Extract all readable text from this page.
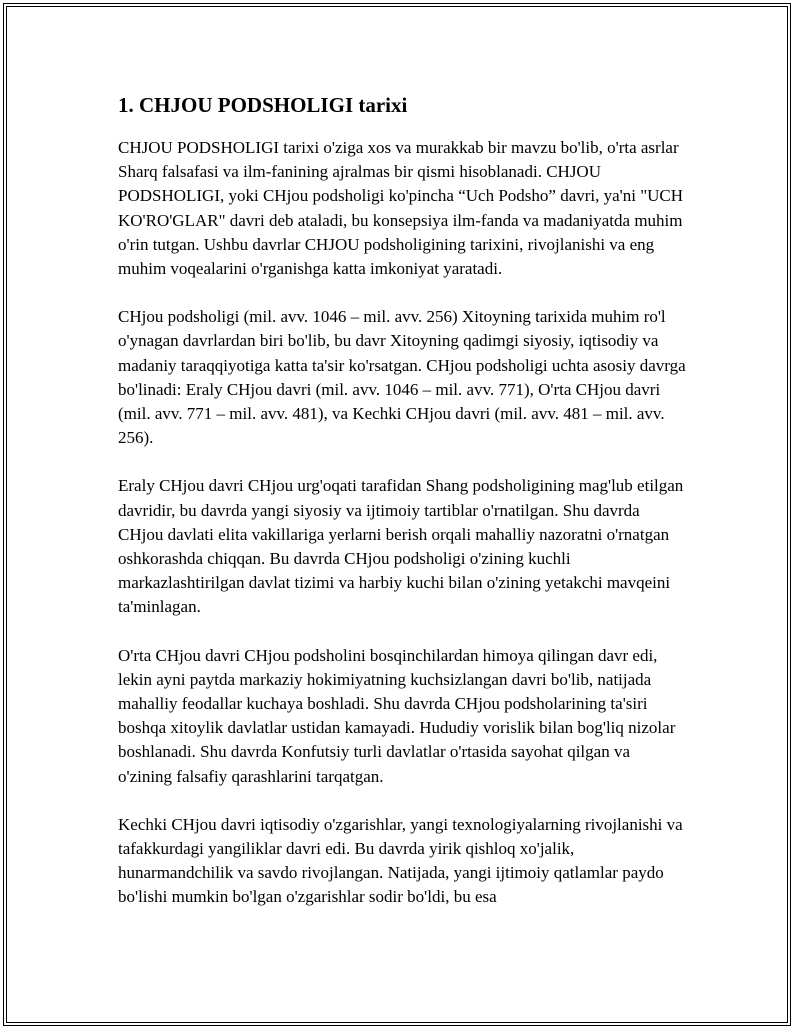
1. CHJOU PODSHOLIGI tarixi

CHJOU PODSHOLIGI tarixi o'ziga xos va murakkab bir mavzu bo'lib, o'rta asrlar Sharq falsafasi va ilm-fanining ajralmas bir qismi hisoblanadi. CHJOU PODSHOLIGI, yoki CHjou podsholigi ko'pincha “Uch Podsho” davri, ya'ni "UCH KO'RO'GLAR" davri deb ataladi, bu konsepsiya ilm-fanda va madaniyatda muhim o'rin tutgan. Ushbu davrlar CHJOU podsholigining tarixini, rivojlanishi va eng muhim voqealarini o'rganishga katta imkoniyat yaratadi.

CHjou podsholigi (mil. avv. 1046 – mil. avv. 256) Xitoyning tarixida muhim ro'l o'ynagan davrlardan biri bo'lib, bu davr Xitoyning qadimgi siyosiy, iqtisodiy va madaniy taraqqiyotiga katta ta'sir ko'rsatgan. CHjou podsholigi uchta asosiy davrga bo'linadi: Eraly CHjou davri (mil. avv. 1046 – mil. avv. 771), O'rta CHjou davri (mil. avv. 771 – mil. avv. 481), va Kechki CHjou davri (mil. avv. 481 – mil. avv. 256).

Eraly CHjou davri CHjou urg'oqati tarafidan Shang podsholigining mag'lub etilgan davridir, bu davrda yangi siyosiy va ijtimoiy tartiblar o'rnatilgan. Shu davrda CHjou davlati elita vakillariga yerlarni berish orqali mahalliy nazoratni o'rnatgan oshkorashda chiqqan. Bu davrda CHjou podsholigi o'zining kuchli markazlashtirilgan davlat tizimi va harbiy kuchi bilan o'zining yetakchi mavqeini ta'minlagan.

O'rta CHjou davri CHjou podsholini bosqinchilardan himoya qilingan davr edi, lekin ayni paytda markaziy hokimiyatning kuchsizlangan davri bo'lib, natijada mahalliy feodallar kuchaya boshladi. Shu davrda CHjou podsholarining ta'siri boshqa xitoylik davlatlar ustidan kamayadi. Hududiy vorislik bilan bog'liq nizolar boshlanadi. Shu davrda Konfutsiy turli davlatlar o'rtasida sayohat qilgan va o'zining falsafiy qarashlarini tarqatgan.

Kechki CHjou davri iqtisodiy o'zgarishlar, yangi texnologiyalarning rivojlanishi va tafakkurdagi yangiliklar davri edi. Bu davrda yirik qishloq xo'jalik, hunarmandchilik va savdo rivojlangan. Natijada, yangi ijtimoiy qatlamlar paydo bo'lishi mumkin bo'lgan o'zgarishlar sodir bo'ldi, bu esa
